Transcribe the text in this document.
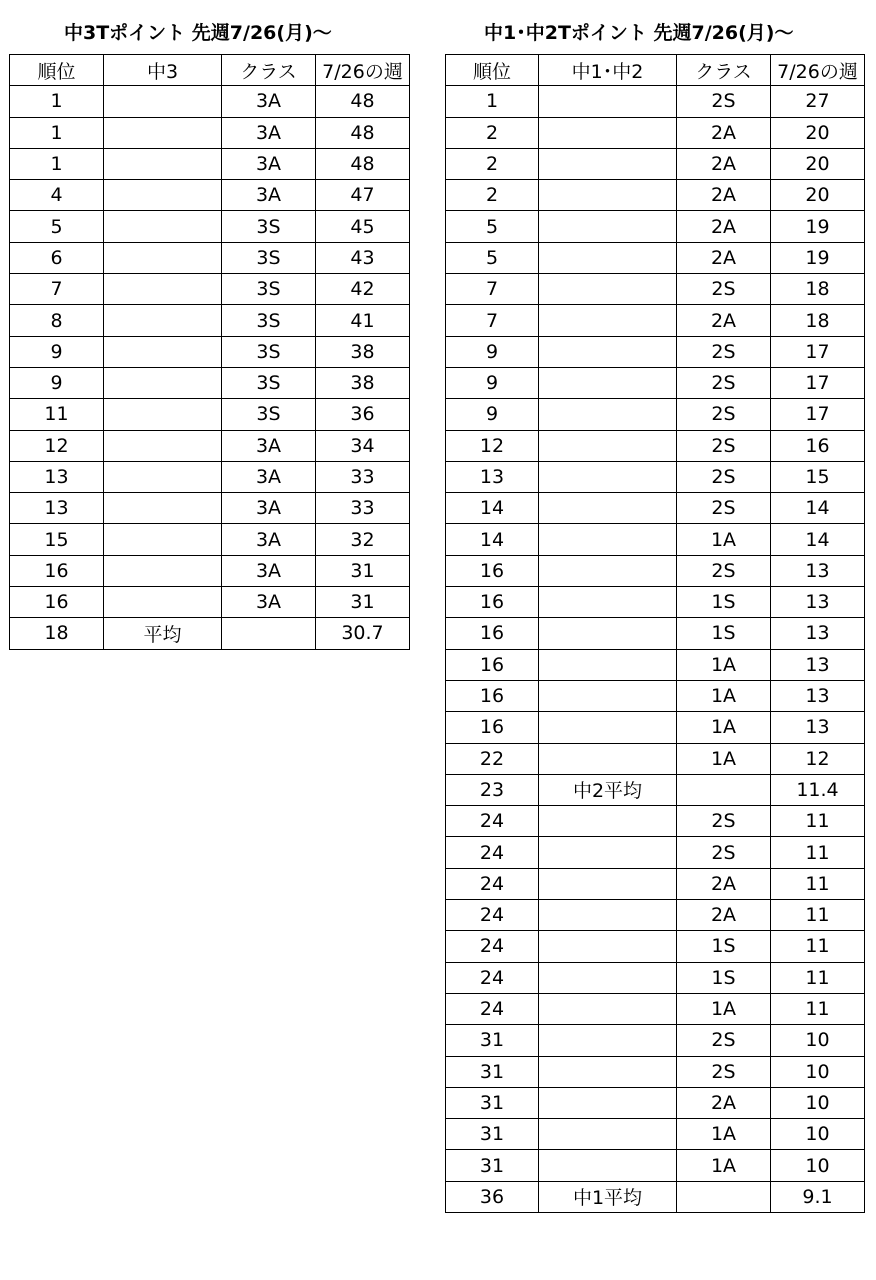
中3Tポイント 先週7/26(月)〜
順位	中3	クラス	7/26の週
1		3A	48
1		3A	48
1		3A	48
4		3A	47
5		3S	45
6		3S	43
7		3S	42
8		3S	41
9		3S	38
9		3S	38
11		3S	36
12		3A	34
13		3A	33
13		3A	33
15		3A	32
16		3A	31
16		3A	31
18	平均		30.7
中1･中2Tポイント 先週7/26(月)〜
順位	中1･中2	クラス	7/26の週
1		2S	27
2		2A	20
2		2A	20
2		2A	20
5		2A	19
5		2A	19
7		2S	18
7		2A	18
9		2S	17
9		2S	17
9		2S	17
12		2S	16
13		2S	15
14		2S	14
14		1A	14
16		2S	13
16		1S	13
16		1S	13
16		1A	13
16		1A	13
16		1A	13
22		1A	12
23	中2平均		11.4
24		2S	11
24		2S	11
24		2A	11
24		2A	11
24		1S	11
24		1S	11
24		1A	11
31		2S	10
31		2S	10
31		2A	10
31		1A	10
31		1A	10
36	中1平均		9.1
